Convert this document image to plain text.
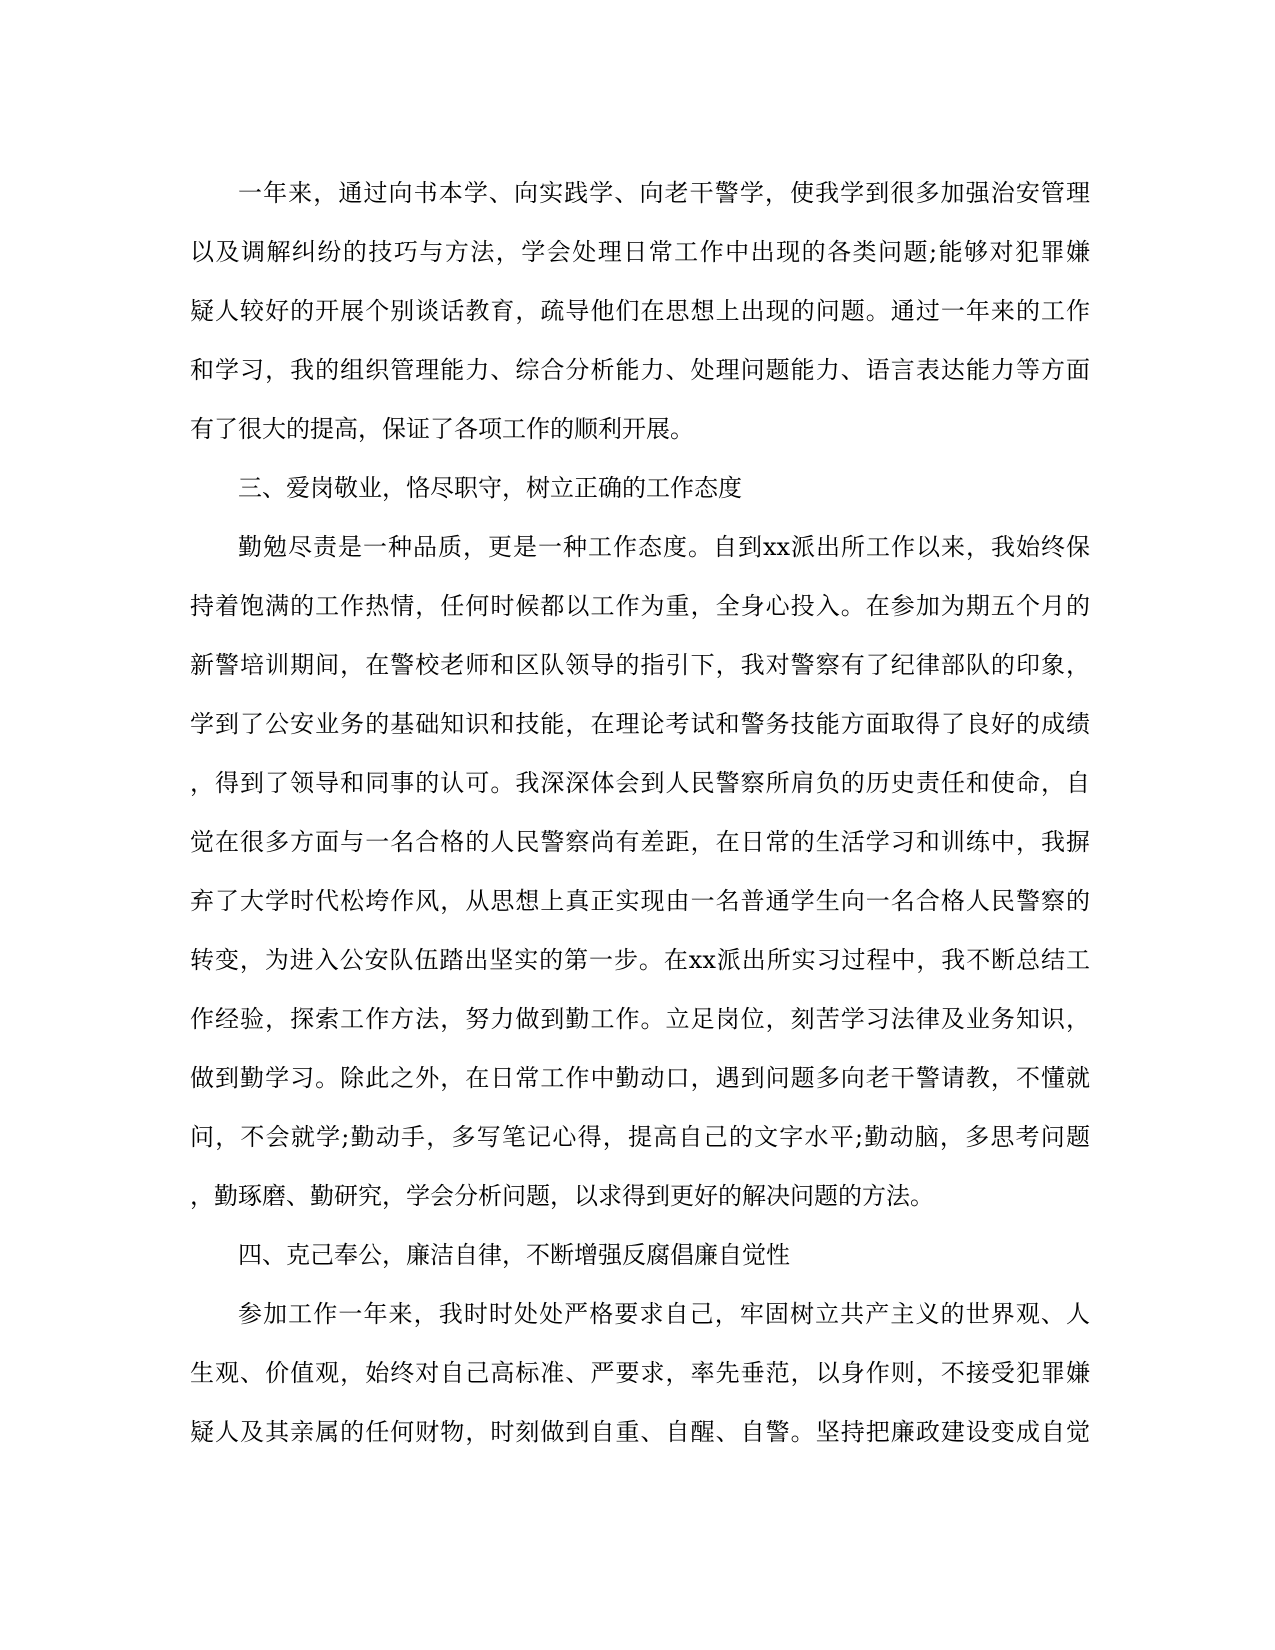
一年来，通过向书本学、向实践学、向老干警学，使我学到很多加强治安管理
以及调解纠纷的技巧与方法，学会处理日常工作中出现的各类问题;能够对犯罪嫌
疑人较好的开展个别谈话教育，疏导他们在思想上出现的问题。通过一年来的工作
和学习，我的组织管理能力、综合分析能力、处理问题能力、语言表达能力等方面
有了很大的提高，保证了各项工作的顺利开展。
三、爱岗敬业，恪尽职守，树立正确的工作态度
勤勉尽责是一种品质，更是一种工作态度。自到xx派出所工作以来，我始终保
持着饱满的工作热情，任何时候都以工作为重，全身心投入。在参加为期五个月的
新警培训期间，在警校老师和区队领导的指引下，我对警察有了纪律部队的印象，
学到了公安业务的基础知识和技能，在理论考试和警务技能方面取得了良好的成绩
，得到了领导和同事的认可。我深深体会到人民警察所肩负的历史责任和使命，自
觉在很多方面与一名合格的人民警察尚有差距，在日常的生活学习和训练中，我摒
弃了大学时代松垮作风，从思想上真正实现由一名普通学生向一名合格人民警察的
转变，为进入公安队伍踏出坚实的第一步。在xx派出所实习过程中，我不断总结工
作经验，探索工作方法，努力做到勤工作。立足岗位，刻苦学习法律及业务知识，
做到勤学习。除此之外，在日常工作中勤动口，遇到问题多向老干警请教，不懂就
问，不会就学;勤动手，多写笔记心得，提高自己的文字水平;勤动脑，多思考问题
，勤琢磨、勤研究，学会分析问题，以求得到更好的解决问题的方法。
四、克己奉公，廉洁自律，不断增强反腐倡廉自觉性
参加工作一年来，我时时处处严格要求自己，牢固树立共产主义的世界观、人
生观、价值观，始终对自己高标准、严要求，率先垂范，以身作则，不接受犯罪嫌
疑人及其亲属的任何财物，时刻做到自重、自醒、自警。坚持把廉政建设变成自觉
